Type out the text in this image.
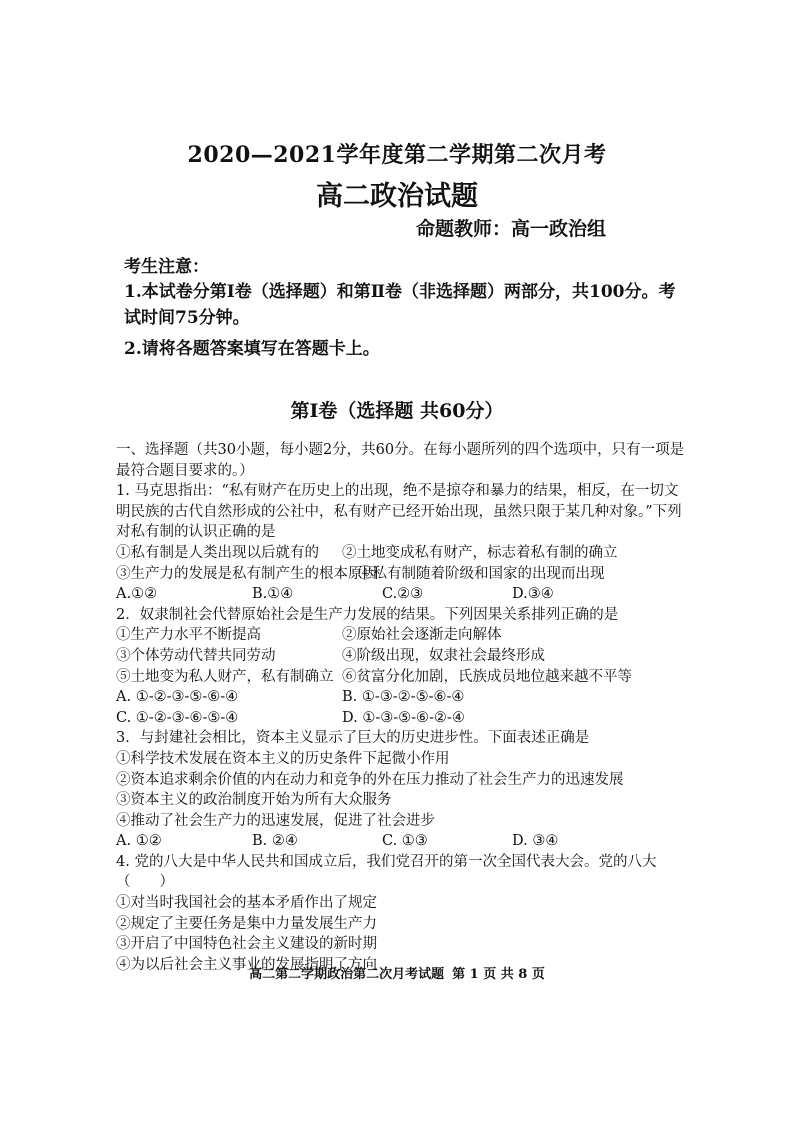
2020—2021学年度第二学期第二次月考
高二政治试题
命题教师：高一政治组
考生注意：
1.本试卷分第Ⅰ卷（选择题）和第Ⅱ卷（非选择题）两部分，共100分。考试时间75分钟。
2.请将各题答案填写在答题卡上。
第Ⅰ卷（选择题 共60分）

一、选择题（共30小题，每小题2分，共60分。在每小题所列的四个选项中，只有一项是最符合题目要求的。）

1. 马克思指出：“私有财产在历史上的出现，绝不是掠夺和暴力的结果，相反，在一切文明民族的古代自然形成的公社中，私有财产已经开始出现，虽然只限于某几种对象。”下列对私有制的认识正确的是

①私有制是人类出现以后就有的	②土地变成私有财产，标志着私有制的确立
③生产力的发展是私有制产生的根本原因
④私有制随着阶级和国家的出现而出现
A.①②	B.①④	C.②③	D.③④

2．奴隶制社会代替原始社会是生产力发展的结果。下列因果关系排列正确的是

①生产力水平不断提高	②原始社会逐渐走向解体
③个体劳动代替共同劳动	④阶级出现，奴隶社会最终形成
⑤土地变为私人财产，私有制确立 ⑥贫富分化加剧，氏族成员地位越来越不平等
A. ①-②-③-⑤-⑥-④	B. ①-③-②-⑤-⑥-④
C. ①-②-③-⑥-⑤-④	D. ①-③-⑤-⑥-②-④

3．与封建社会相比，资本主义显示了巨大的历史进步性。下面表述正确是

①科学技术发展在资本主义的历史条件下起微小作用

②资本追求剩余价值的内在动力和竞争的外在压力推动了社会生产力的迅速发展

③资本主义的政治制度开始为所有大众服务

④推动了社会生产力的迅速发展，促进了社会进步

A. ①②	B. ②④	C. ①③	D. ③④

4. 党的八大是中华人民共和国成立后，我们党召开的第一次全国代表大会。党的八大（　　）

①对当时我国社会的基本矛盾作出了规定

②规定了主要任务是集中力量发展生产力

③开启了中国特色社会主义建设的新时期

④为以后社会主义事业的发展指明了方向

高二第二学期政治第二次月考试题 第 1 页 共 8 页
